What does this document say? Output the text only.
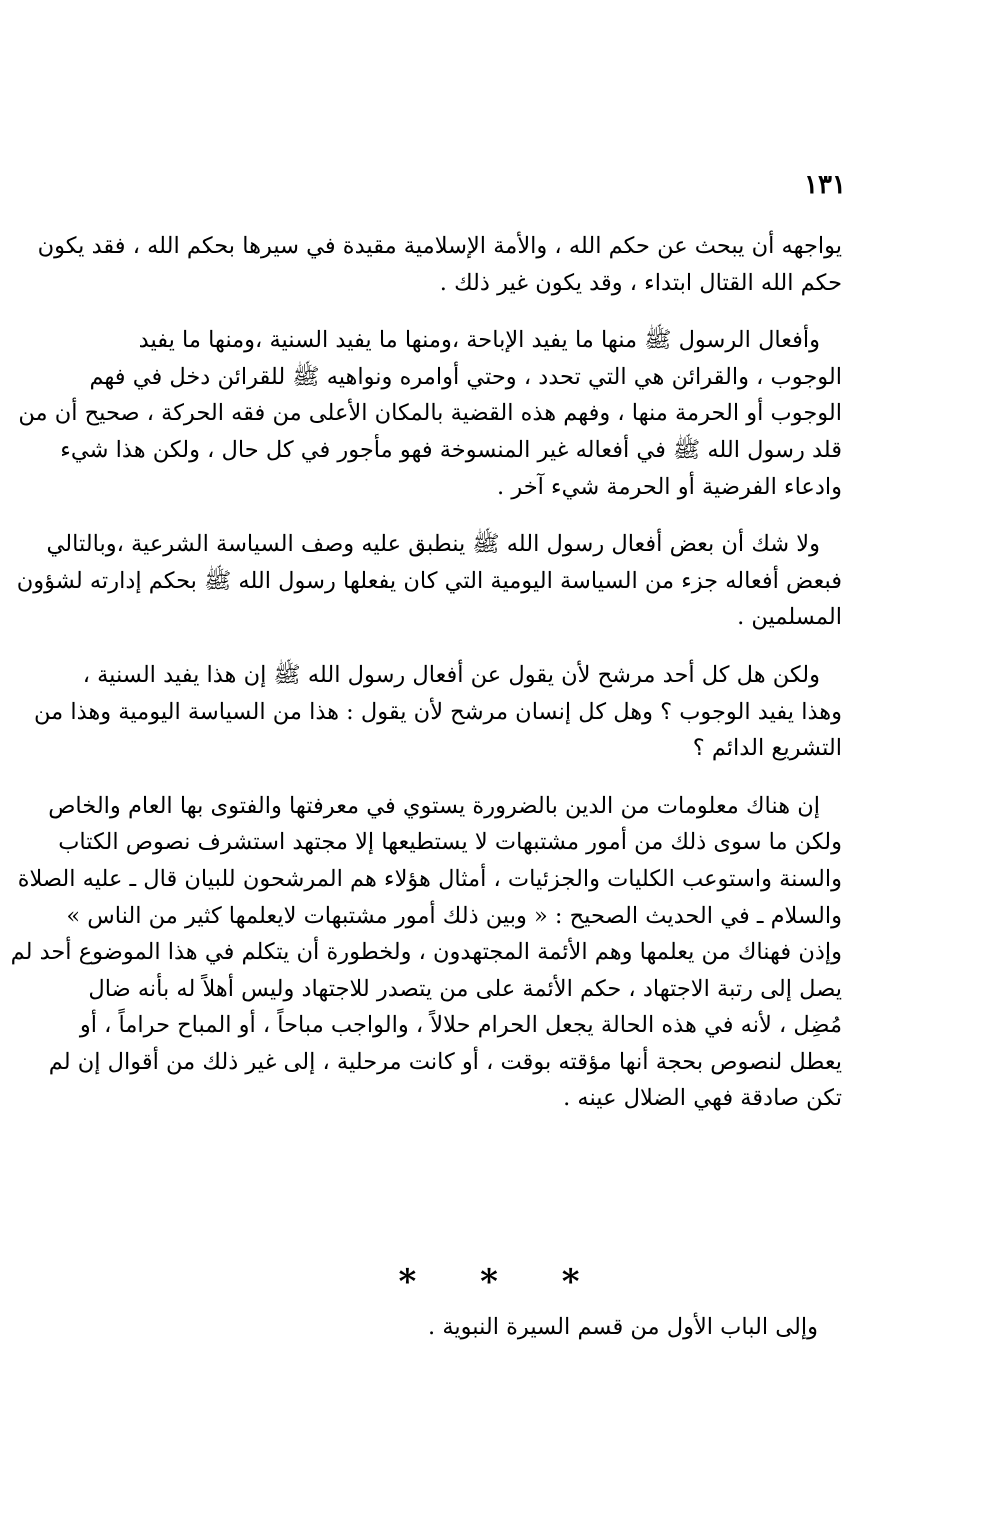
١٣١

يواجهه أن يبحث عن حكم الله ، والأمة الإسلامية مقيدة في سيرها بحكم الله ، فقد يكون
حكم الله القتال ابتداء ، وقد يكون غير ذلك .

وأفعال الرسول ﷺ منها ما يفيد الإباحة ،ومنها ما يفيد السنية ،ومنها ما يفيد
الوجوب ، والقرائن هي التي تحدد ، وحتي أوامره ونواهيه ﷺ للقرائن دخل في فهم
الوجوب أو الحرمة منها ، وفهم هذه القضية بالمكان الأعلى من فقه الحركة ، صحيح أن من
قلد رسول الله ﷺ في أفعاله غير المنسوخة فهو مأجور في كل حال ، ولكن هذا شيء
وادعاء الفرضية أو الحرمة شيء آخر .

ولا شك أن بعض أفعال رسول الله ﷺ ينطبق عليه وصف السياسة الشرعية ،وبالتالي
فبعض أفعاله جزء من السياسة اليومية التي كان يفعلها رسول الله ﷺ بحكم إدارته لشؤون
المسلمين .

ولكن هل كل أحد مرشح لأن يقول عن أفعال رسول الله ﷺ إن هذا يفيد السنية ،
وهذا يفيد الوجوب ؟ وهل كل إنسان مرشح لأن يقول : هذا من السياسة اليومية وهذا من
التشريع الدائم ؟

إن هناك معلومات من الدين بالضرورة يستوي في معرفتها والفتوى بها العام والخاص
ولكن ما سوى ذلك من أمور مشتبهات لا يستطيعها إلا مجتهد استشرف نصوص الكتاب
والسنة واستوعب الكليات والجزئيات ، أمثال هؤلاء هم المرشحون للبيان قال ـ عليه الصلاة
والسلام ـ في الحديث الصحيح : « وبين ذلك أمور مشتبهات لايعلمها كثير من الناس »
وإذن فهناك من يعلمها وهم الأئمة المجتهدون ، ولخطورة أن يتكلم في هذا الموضوع أحد لم
يصل إلى رتبة الاجتهاد ، حكم الأئمة على من يتصدر للاجتهاد وليس أهلاً له بأنه ضال
مُضِل ، لأنه في هذه الحالة يجعل الحرام حلالاً ، والواجب مباحاً ، أو المباح حراماً ، أو
يعطل لنصوص بحجة أنها مؤقته بوقت ، أو كانت مرحلية ، إلى غير ذلك من أقوال إن لم
تكن صادقة فهي الضلال عينه .

* * *
وإلى الباب الأول من قسم السيرة النبوية .
